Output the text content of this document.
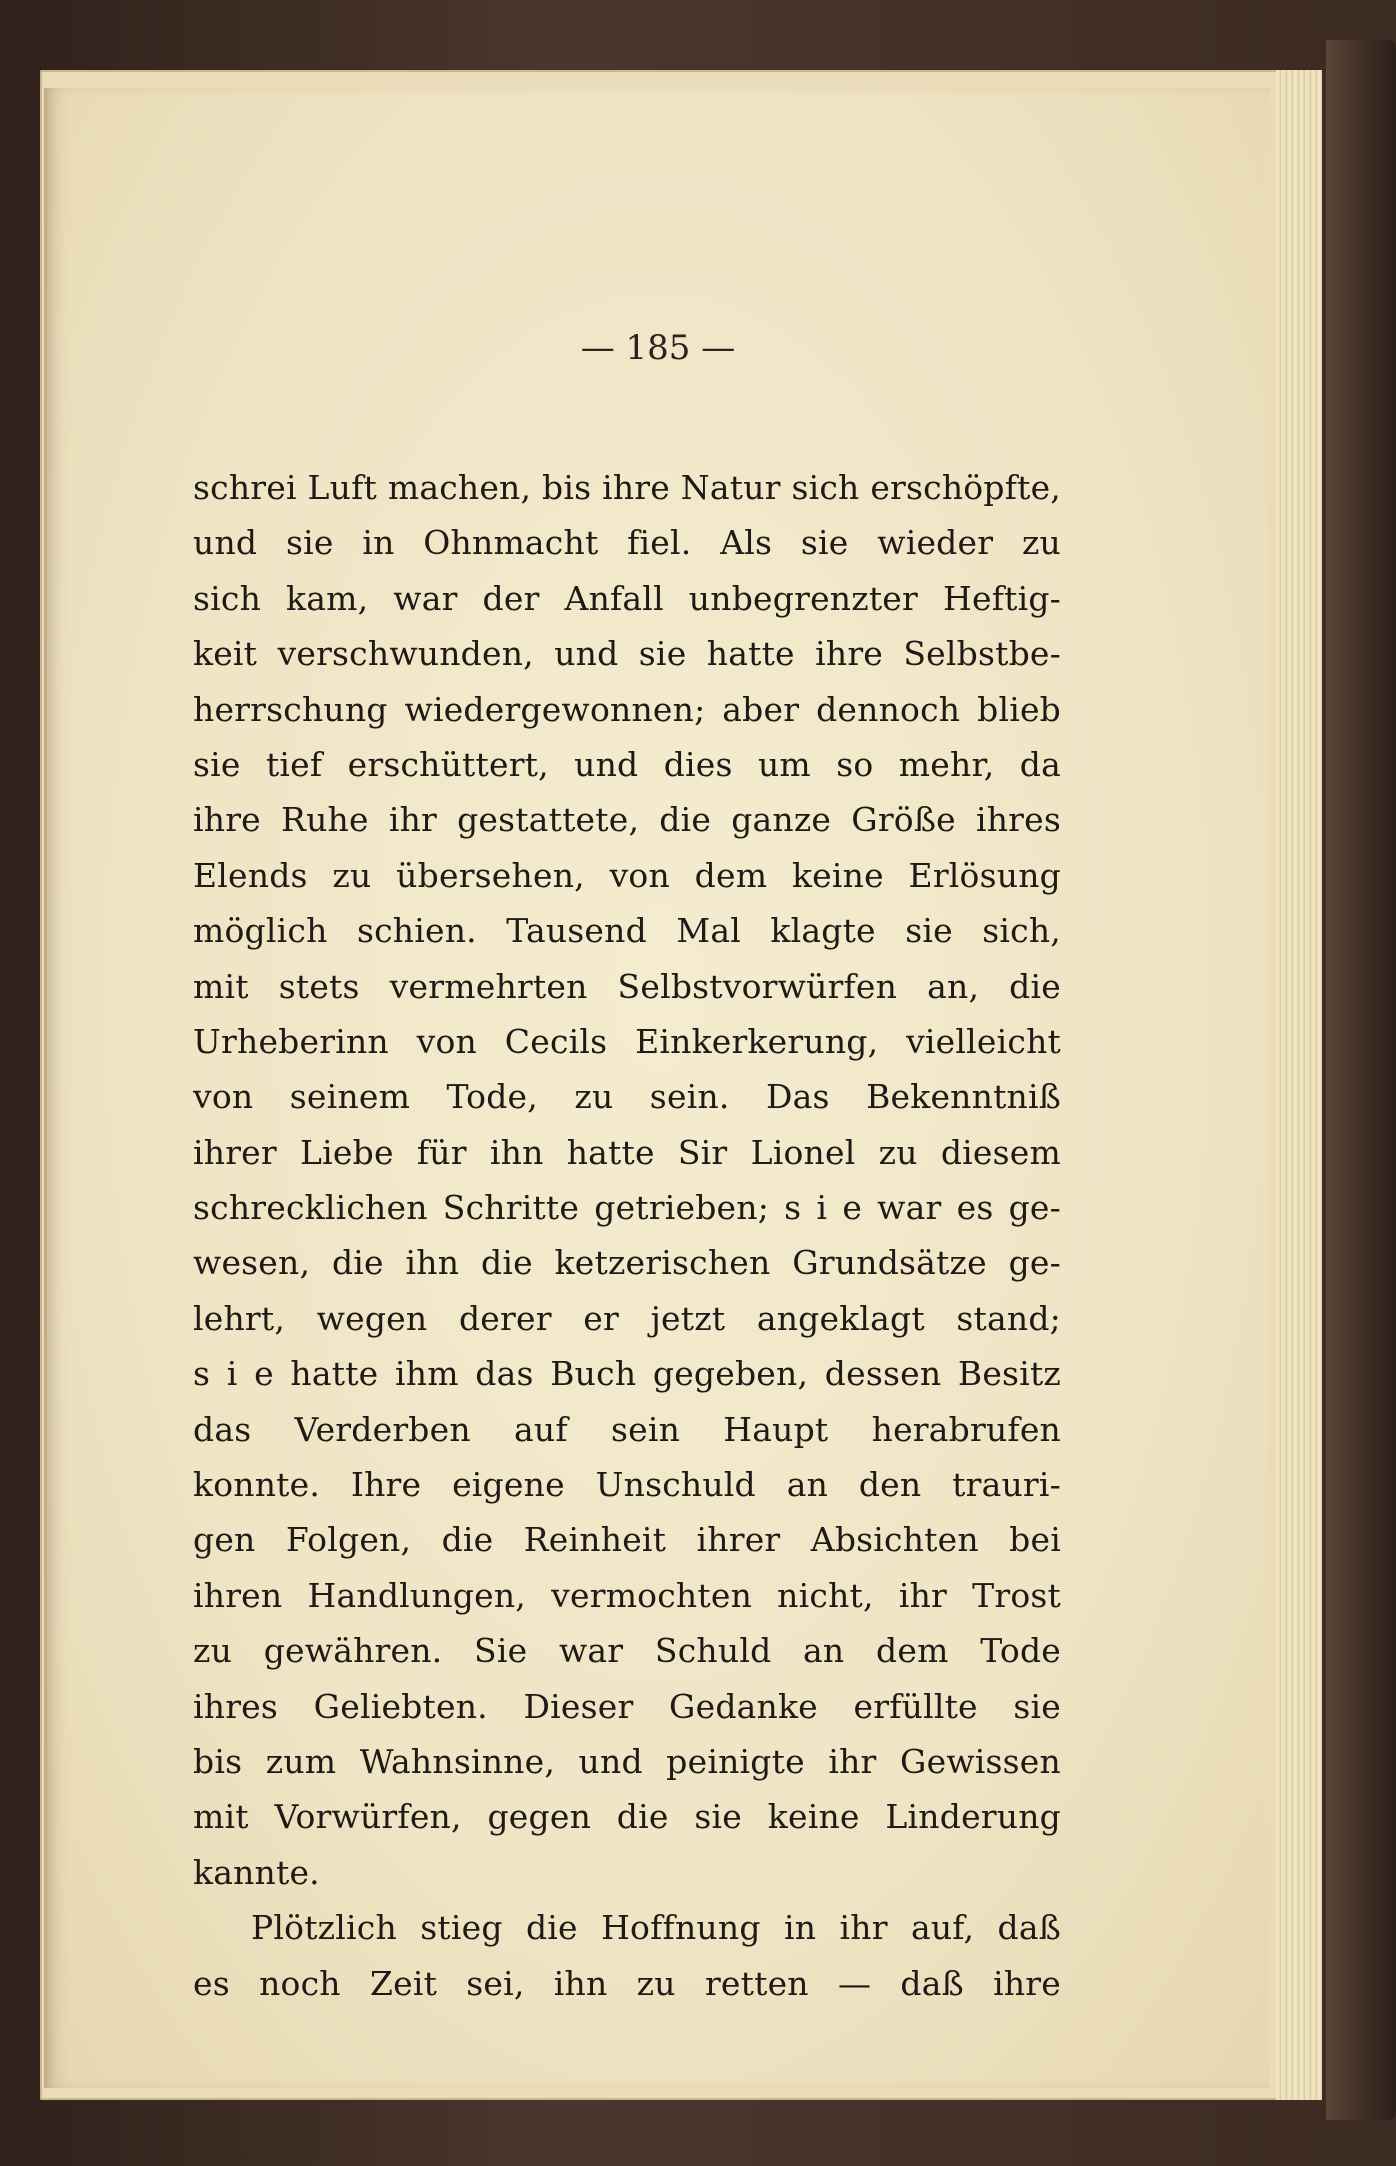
— 185 —
schrei Luft machen, bis ihre Natur sich erschöpfte,
und sie in Ohnmacht fiel. Als sie wieder zu
sich kam, war der Anfall unbegrenzter Heftig-
keit verschwunden, und sie hatte ihre Selbstbe-
herrschung wiedergewonnen; aber dennoch blieb
sie tief erschüttert, und dies um so mehr, da
ihre Ruhe ihr gestattete, die ganze Größe ihres
Elends zu übersehen, von dem keine Erlösung
möglich schien. Tausend Mal klagte sie sich,
mit stets vermehrten Selbstvorwürfen an, die
Urheberinn von Cecils Einkerkerung, vielleicht
von seinem Tode, zu sein. Das Bekenntniß
ihrer Liebe für ihn hatte Sir Lionel zu diesem
schrecklichen Schritte getrieben; s i e war es ge-
wesen, die ihn die ketzerischen Grundsätze ge-
lehrt, wegen derer er jetzt angeklagt stand;
s i e hatte ihm das Buch gegeben, dessen Besitz
das Verderben auf sein Haupt herabrufen
konnte. Ihre eigene Unschuld an den trauri-
gen Folgen, die Reinheit ihrer Absichten bei
ihren Handlungen, vermochten nicht, ihr Trost
zu gewähren. Sie war Schuld an dem Tode
ihres Geliebten. Dieser Gedanke erfüllte sie
bis zum Wahnsinne, und peinigte ihr Gewissen
mit Vorwürfen, gegen die sie keine Linderung
kannte.
Plötzlich stieg die Hoffnung in ihr auf, daß
es noch Zeit sei, ihn zu retten — daß ihre
